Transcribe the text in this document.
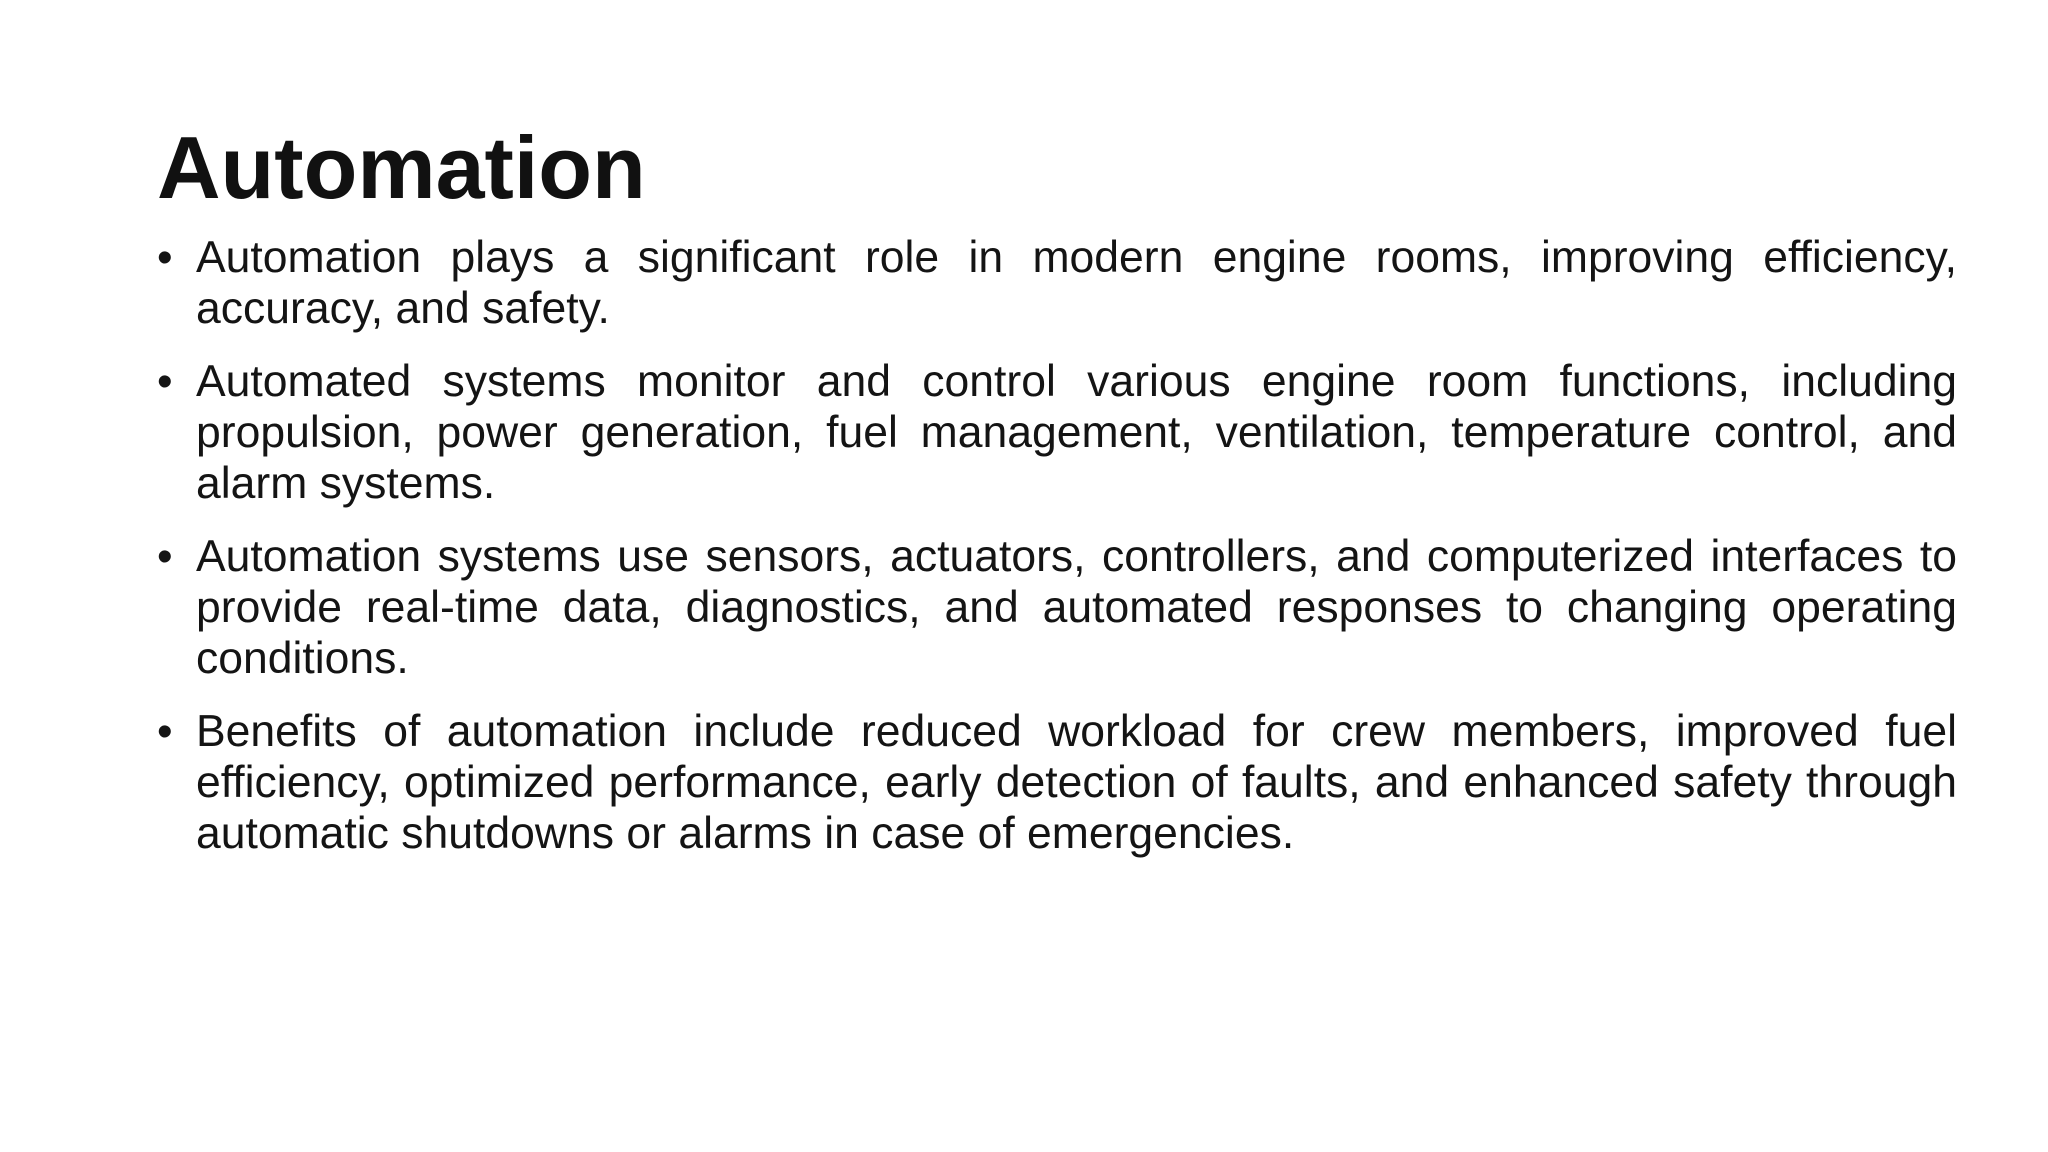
Automation
• Automation plays a significant role in modern engine rooms, improving efficiency, accuracy, and safety.
• Automated systems monitor and control various engine room functions, including propulsion, power generation, fuel management, ventilation, temperature control, and alarm systems.
• Automation systems use sensors, actuators, controllers, and computerized interfaces to provide real-time data, diagnostics, and automated responses to changing operating conditions.
• Benefits of automation include reduced workload for crew members, improved fuel efficiency, optimized performance, early detection of faults, and enhanced safety through automatic shutdowns or alarms in case of emergencies.
